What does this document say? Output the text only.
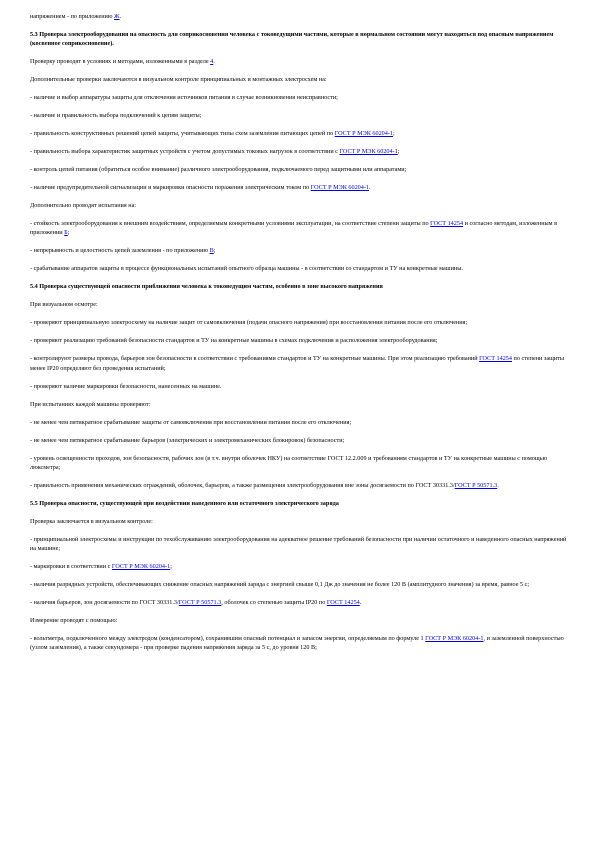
напряжением - по приложению Ж.

5.3 Проверка электрооборудования на опасность для соприкосновения человека с токоведущими частями, которые в нормальном состоянии могут находиться под опасным напряжением (косвенное соприкосновение).

Проверку проводят в условиях и методами, изложенными в разделе 4.

Дополнительные проверки заключаются в визуальном контроле принципиальных и монтажных электросхем на:

- наличие и выбор аппаратуры защиты для отключения источников питания в случае возникновения неисправности;

- наличие и правильность выбора подключений к цепям защиты;

- правильность конструктивных решений цепей защиты, учитывающих типы схем заземления питающих цепей по ГОСТ Р МЭК 60204-1;

- правильность выбора характеристик защитных устройств с учетом допустимых токовых нагрузок в соответствии с ГОСТ Р МЭК 60204-1;

- контроль цепей питания (обратиться особое внимание) различного электрооборудования, подключаемого перед защитными или аппаратами;

- наличие предупредительной сигнализации и маркировки опасности поражения электрическим током по ГОСТ Р МЭК 60204-1.

Дополнительно проводят испытания на:

- стойкость электрооборудования к внешним воздействиям, определяемым конкретными условиями эксплуатации, на соответствие степени защиты по ГОСТ 14254 и согласно методам, изложенным в приложении Б;

- непрерывность и целостность цепей заземления - по приложению В;

- срабатывание аппаратов защиты в процессе функциональных испытаний опытного образца машины - в соответствии со стандартом и ТУ на конкретные машины.

5.4 Проверка существующей опасности приближения человека к токоведущим частям, особенно в зоне высокого напряжения

При визуальном осмотре:

- проверяют принципиальную электросхему на наличие защит от самовключения (подачи опасного напряжения) при восстановлении питания после его отключения;

- проверяют реализацию требований безопасности стандартов и ТУ на конкретные машины в схемах подключения и расположения электрооборудования;

- контролируют размеры провода, барьеров зон безопасности в соответствии с требованиями стандартов и ТУ на конкретные машины. При этом реализацию требований ГОСТ 14254 по степени защиты менее IP20 определяют без проведения испытаний;

- проверяют наличие маркировки безопасности, нанесенных на машине.

При испытаниях каждой машины проверяют:

- не менее чем пятикратное срабатывание защиты от самовключения при восстановлении питания после его отключения;

- не менее чем пятикратное срабатывание барьеров (электрических и электромеханических блокировок) безопасности;

- уровень освещенности проходов, зон безопасности, рабочих зон (в т.ч. внутри оболочек НКУ) на соответствие ГОСТ 12.2.009 и требованиям стандартов и ТУ на конкретные машины с помощью люксметра;

- правильность применения механических ограждений, оболочек, барьеров, а также размещения электрооборудования вне зоны досягаемости по ГОСТ 30331.3/ГОСТ Р 50571.3.

5.5 Проверка опасности, существующей при воздействии наведенного или остаточного электрического заряда

Проверка заключается в визуальном контроле:

- принципиальной электросхемы и инструкции по техобслуживанию электрооборудования на адекватное решение требований безопасности при наличии остаточного и наведенного опасных напряжений на машине;

- маркировки в соответствии с ГОСТ Р МЭК 60204-1;

- наличия разрядных устройств, обеспечивающих снижение опасных напряжений заряда с энергией свыше 0,1 Дж до значения не более 120 В (амплитудного значения) за время, равное 5 с;

- наличия барьеров, зон досягаемости по ГОСТ 30331.3/ГОСТ Р 50571.3, оболочек со степенью защиты IP20 по ГОСТ 14254.

Измерение проводят с помощью:

- вольтметра, подключенного между электродом (конденсатором), сохранившим опасный потенциал и запасом энергии, определяемым по формуле 1 ГОСТ Р МЭК 60204-1, и заземленной поверхностью (узлом заземления), а также секундомера - при проверке падения напряжения заряда за 5 с, до уровня 120 В;
